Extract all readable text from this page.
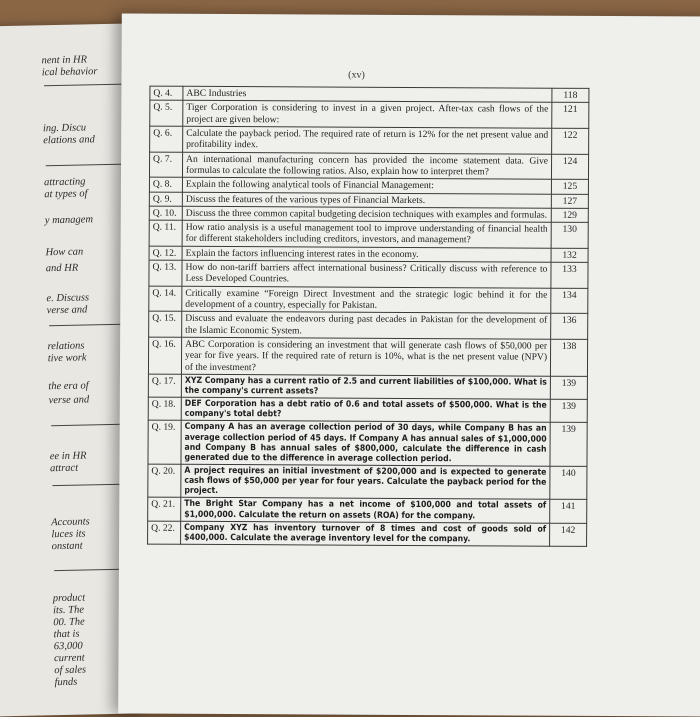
nent in HR
ical behavior
ing. Discu
elations and
attracting
at types of
y managem
How can
and HR
e. Discuss
verse and
relations
tive work
the era of
verse and
ee in HR
attract
Accounts
luces its
onstant
product
its. The
00. The
that is
63,000
current
of sales
funds
(xv)
Q. 4.	ABC Industries	118
Q. 5.	Tiger Corporation is considering to invest in a given project. After-tax cash flows of the project are given below:	121
Q. 6.	Calculate the payback period. The required rate of return is 12% for the net present value and profitability index.	122
Q. 7.	An international manufacturing concern has provided the income statement data. Give formulas to calculate the following ratios. Also, explain how to interpret them?	124
Q. 8.	Explain the following analytical tools of Financial Management:	125
Q. 9.	Discuss the features of the various types of Financial Markets.	127
Q. 10.	Discuss the three common capital budgeting decision techniques with examples and formulas.	129
Q. 11.	How ratio analysis is a useful management tool to improve understanding of financial health for different stakeholders including creditors, investors, and management?	130
Q. 12.	Explain the factors influencing interest rates in the economy.	132
Q. 13.	How do non-tariff barriers affect international business? Critically discuss with reference to Less Developed Countries.	133
Q. 14.	Critically examine “Foreign Direct Investment and the strategic logic behind it for the development of a country, especially for Pakistan.	134
Q. 15.	Discuss and evaluate the endeavors during past decades in Pakistan for the development of the Islamic Economic System.	136
Q. 16.	ABC Corporation is considering an investment that will generate cash flows of $50,000 per year for five years. If the required rate of return is 10%, what is the net present value (NPV) of the investment?	138
Q. 17.	XYZ Company has a current ratio of 2.5 and current liabilities of $100,000. What is the company's current assets?	139
Q. 18.	DEF Corporation has a debt ratio of 0.6 and total assets of $500,000. What is the company's total debt?	139
Q. 19.	Company A has an average collection period of 30 days, while Company B has an average collection period of 45 days. If Company A has annual sales of $1,000,000 and Company B has annual sales of $800,000, calculate the difference in cash generated due to the difference in average collection period.	139
Q. 20.	A project requires an initial investment of $200,000 and is expected to generate cash flows of $50,000 per year for four years. Calculate the payback period for the project.	140
Q. 21.	The Bright Star Company has a net income of $100,000 and total assets of $1,000,000. Calculate the return on assets (ROA) for the company.	141
Q. 22.	Company XYZ has inventory turnover of 8 times and cost of goods sold of $400,000. Calculate the average inventory level for the company.	142
